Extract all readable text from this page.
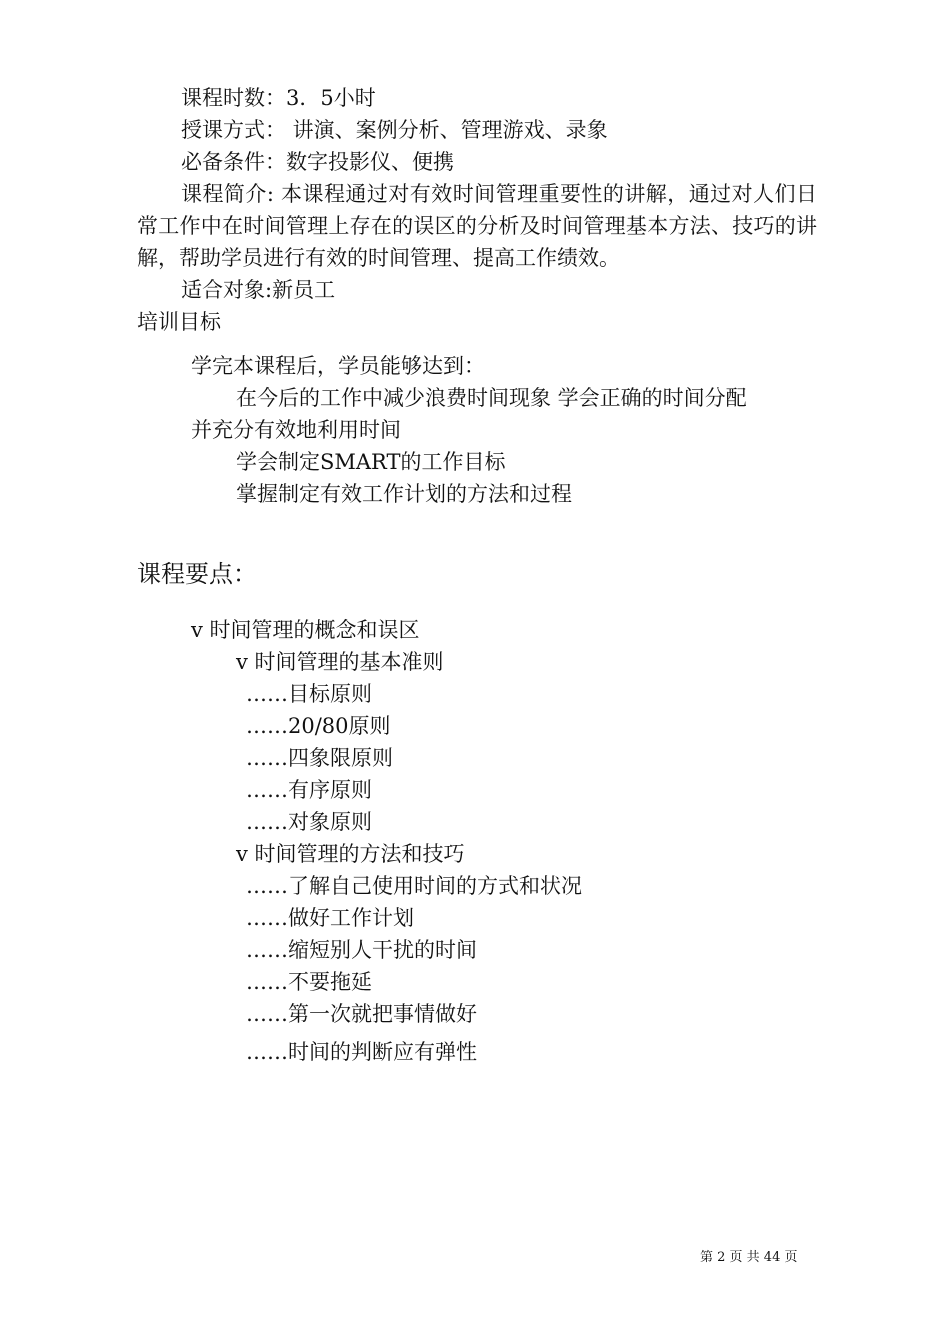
课程时数：3．5小时
授课方式： 讲演、案例分析、管理游戏、录象
必备条件：数字投影仪、便携
课程简介: 本课程通过对有效时间管理重要性的讲解，通过对人们日常工作中在时间管理上存在的误区的分析及时间管理基本方法、技巧的讲解，帮助学员进行有效的时间管理、提高工作绩效。
适合对象:新员工
培训目标
学完本课程后，学员能够达到：
在今后的工作中减少浪费时间现象 学会正确的时间分配
并充分有效地利用时间
学会制定SMART的工作目标
掌握制定有效工作计划的方法和过程
课程要点：
v 时间管理的概念和误区
v 时间管理的基本准则
……目标原则
……20/80原则
……四象限原则
……有序原则
……对象原则
v 时间管理的方法和技巧
……了解自己使用时间的方式和状况
……做好工作计划
……缩短别人干扰的时间
……不要拖延
……第一次就把事情做好
……时间的判断应有弹性
第 2 页 共 44 页
